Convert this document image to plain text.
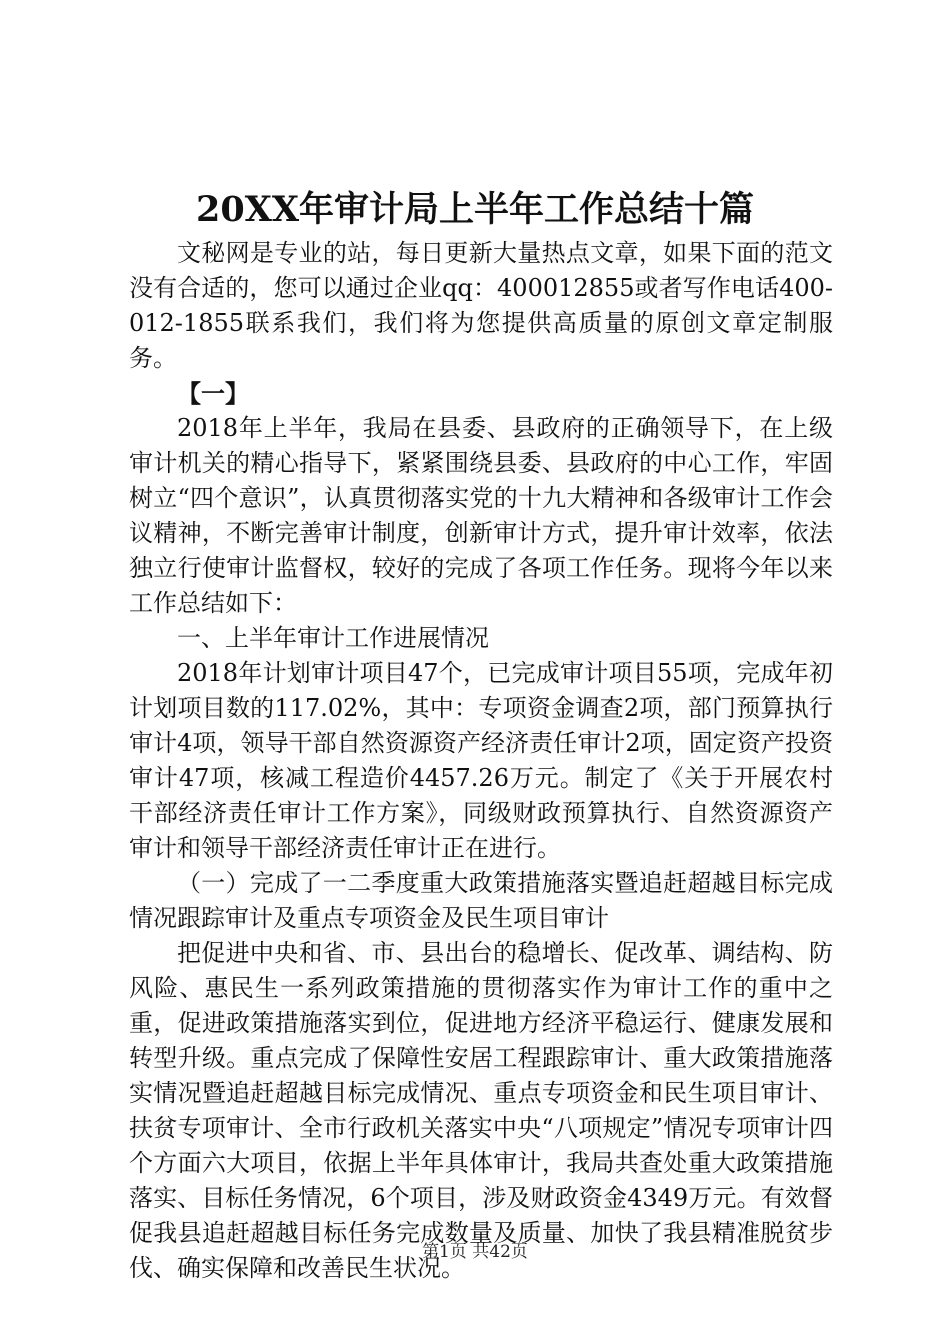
20XX年审计局上半年工作总结十篇

文秘网是专业的站，每日更新大量热点文章，如果下面的范文没有合适的，您可以通过企业qq：400012855或者写作电话400-012-1855联系我们，我们将为您提供高质量的原创文章定制服务。

【一】

2018年上半年，我局在县委、县政府的正确领导下，在上级审计机关的精心指导下，紧紧围绕县委、县政府的中心工作，牢固树立“四个意识”，认真贯彻落实党的十九大精神和各级审计工作会议精神，不断完善审计制度，创新审计方式，提升审计效率，依法独立行使审计监督权，较好的完成了各项工作任务。现将今年以来工作总结如下：

一、上半年审计工作进展情况

2018年计划审计项目47个，已完成审计项目55项，完成年初计划项目数的117.02%，其中：专项资金调查2项，部门预算执行审计4项，领导干部自然资源资产经济责任审计2项，固定资产投资审计47项，核减工程造价4457.26万元。制定了《关于开展农村干部经济责任审计工作方案》，同级财政预算执行、自然资源资产审计和领导干部经济责任审计正在进行。

（一）完成了一二季度重大政策措施落实暨追赶超越目标完成情况跟踪审计及重点专项资金及民生项目审计

把促进中央和省、市、县出台的稳增长、促改革、调结构、防风险、惠民生一系列政策措施的贯彻落实作为审计工作的重中之重，促进政策措施落实到位，促进地方经济平稳运行、健康发展和转型升级。重点完成了保障性安居工程跟踪审计、重大政策措施落实情况暨追赶超越目标完成情况、重点专项资金和民生项目审计、扶贫专项审计、全市行政机关落实中央“八项规定”情况专项审计四个方面六大项目，依据上半年具体审计，我局共查处重大政策措施落实、目标任务情况，6个项目，涉及财政资金4349万元。有效督促我县追赶超越目标任务完成数量及质量、加快了我县精准脱贫步伐、确实保障和改善民生状况。

第1页 共42页
